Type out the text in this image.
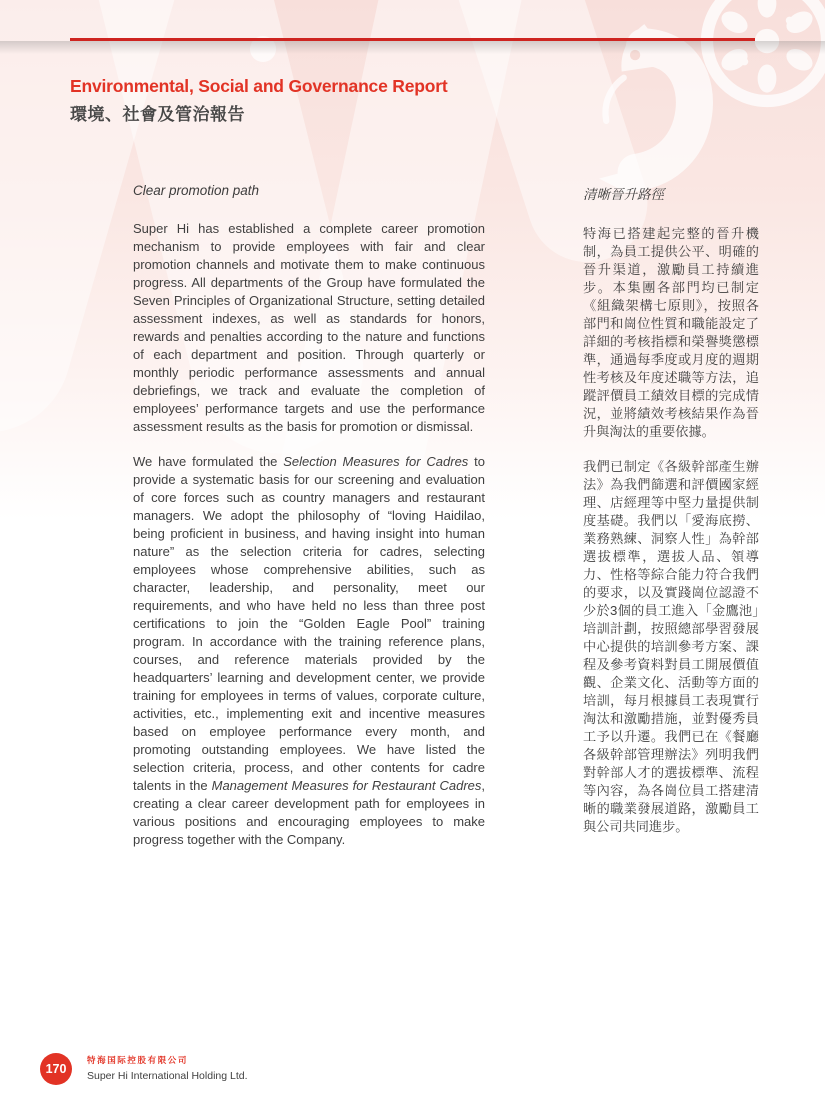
Environmental, Social and Governance Report
環境、社會及管治報告
Clear promotion path

Super Hi has established a complete career promotion mechanism to provide employees with fair and clear promotion channels and motivate them to make continuous progress. All departments of the Group have formulated the Seven Principles of Organizational Structure, setting detailed assessment indexes, as well as standards for honors, rewards and penalties according to the nature and functions of each department and position. Through quarterly or monthly periodic performance assessments and annual debriefings, we track and evaluate the completion of employees’ performance targets and use the performance assessment results as the basis for promotion or dismissal.

We have formulated the Selection Measures for Cadres to provide a systematic basis for our screening and evaluation of core forces such as country managers and restaurant managers. We adopt the philosophy of “loving Haidilao, being proficient in business, and having insight into human nature” as the selection criteria for cadres, selecting employees whose comprehensive abilities, such as character, leadership, and personality, meet our requirements, and who have held no less than three post certifications to join the “Golden Eagle Pool” training program. In accordance with the training reference plans, courses, and reference materials provided by the headquarters’ learning and development center, we provide training for employees in terms of values, corporate culture, activities, etc., implementing exit and incentive measures based on employee performance every month, and promoting outstanding employees. We have listed the selection criteria, process, and other contents for cadre talents in the Management Measures for Restaurant Cadres, creating a clear career development path for employees in various positions and encouraging employees to make progress together with the Company.

清晰晉升路徑

特海已搭建起完整的晉升機制，為員工提供公平、明確的晉升渠道，激勵員工持續進步。本集團各部門均已制定《組織架構七原則》，按照各部門和崗位性質和職能設定了詳細的考核指標和榮譽獎懲標準，通過每季度或月度的週期性考核及年度述職等方法，追蹤評價員工績效目標的完成情況，並將績效考核結果作為晉升與淘汰的重要依據。

我們已制定《各級幹部產生辦法》為我們篩選和評價國家經理、店經理等中堅力量提供制度基礎。我們以「愛海底撈、業務熟練、洞察人性」為幹部選拔標準，選拔人品、領導力、性格等綜合能力符合我們的要求，以及實踐崗位認證不少於3個的員工進入「金鷹池」培訓計劃，按照總部學習發展中心提供的培訓參考方案、課程及參考資料對員工開展價值觀、企業文化、活動等方面的培訓，每月根據員工表現實行淘汰和激勵措施，並對優秀員工予以升遷。我們已在《餐廳各級幹部管理辦法》列明我們對幹部人才的選拔標準、流程等內容，為各崗位員工搭建清晰的職業發展道路，激勵員工與公司共同進步。

170
特海国际控股有限公司
Super Hi International Holding Ltd.
